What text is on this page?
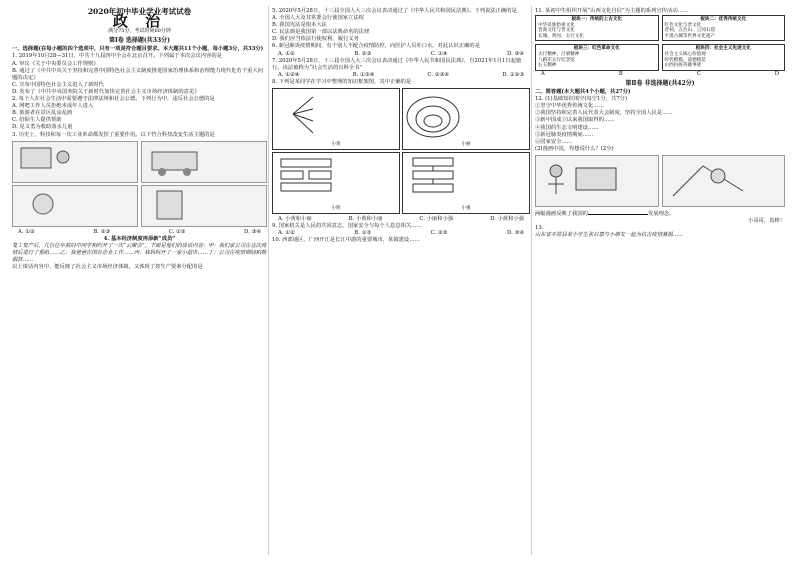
2020年初中毕业学业考试试卷
政 治
满分75分，考试时间60分钟
第Ⅰ卷 选择题(共33分)

一、选择题(在每小题的四个选项中，只有一项是符合题目要求。本大题共11个小题，每小题3分，共33分)

1. 2019年10月28—31日，中共十九届四中全会在北京召开。下列属于本次会议内容的是

A. 审议《关于中央委员会工作规则》

B. 通过了《中共中央关于坚持和完善中国特色社会主义制度推进国家治理体系和治理能力现代化若干重大问题的决定》

C. 宣布中国特色社会主义进入了新时代

D. 发布了《中共中央国务院关于新时代加快完善社会主义市场经济体制的意见》

2. 每个人在社会生活中需要遵守法律法规和社会公德。下列行为中，违反社会公德的是

A. 网吧工作人员拒绝未成年人进入

B. 旅游者在景区乱涂乱画

C. 给陌生人提供帮助

D. 见义勇为救助落水儿童

3. 历史上，科技和每一次工业革命都发挥了重要作用。以下符合科技改变生活主题的是

A. ①②	B. ②③	C. ①③	D. ③④

4. 基本经济制度再添新“成员”

复工复产后，几位往年前的中同学相约开了一次“云聚会”。下面是他们的谈话内容：甲：我们家公司在这次疫情后进行了重组……乙：我爸爸在国有企业工作……丙：我妈妈开了一家小超市……丁：公司在疫情期间积极捐款……

以上谈话内容中，能反映了社会主义市场经济体制，又体现了按生产要素分配的是

5. 2020年5月28日，十三届全国人大三次会议表决通过了《中华人民共和国民法典》。下列说法正确的是

A. 全国人大及其常委会行使国家立法权

B. 我国宪法是根本大法

C. 民法典是我国第一部以法典命名的法律

D. 我们应当依法行使权利、履行义务

6. 新冠肺炎疫情期间，有个别人不配合疫情防控，向医护人员吐口水。对此认识正确的是

A. ①②	B. ②③	C. ①④	D. ③④

7. 2020年5月28日，十三届全国人大三次会议表决通过《中华人民共和国民法典》，自2021年1月1日起施行。该法被称为“社会生活的百科全书”

A. ①②④	B. ①③④	C. ②③④	D. ①②③

8. 下列是某同学在学习中整理的知识框架图，其中正确的是

小黄	小丽
小明	小强
A. 小黄和小丽	B. 小黄和小丽	C. 小丽和小强	D. 小黄和小强

9. 国家机关是人民的共同意志，国家安全与每个人息息相关……

A. ①②	B. ①③	C. ②③	D. ③④

10. 西部地区，广西开江是长江中游的重要城市，某镇建设……

11. 某初中生组织开展“山西文化自信”为主题的系列宣传活动……

板块一：传统的上古文化
中华民族始祖文化
晋商文化与晋文化
长城、黄河、太行文化
板块二：优秀传统文化
红色文化与晋文化
晋祠、五台山、云冈石窟
平遥古城等世界文化遗产
板块三：红色革命文化
太行精神、吕梁精神
八路军太行纪念馆
右玉精神
板块四：社会主义先进文化
社会主义核心价值观
时代楷模、道德模范
山西抗疫英雄事迹
A	B	C	D
第Ⅱ卷 非选择题(共42分)

二、简答题(本大题共4个小题，共27分)

12. (1)基础知识填空(每空1分，共7分)

①坚守中华优秀传统文化……

②我国坚持和完善人民代表大会制度，坚持全国人民是……

③新中国成立以来我国取得的……

④我国的生态文明建设……

⑤新冠肺炎疫情期间……

⑥国家安全……

(2)漫画中国，你想说什么？(2分)

两幅漫画反映了我国的	发展理念。

小哥哥，真棒！

13.

山东省平原县某小学生张启嘉与小朋友一起为抗击疫情募捐……
